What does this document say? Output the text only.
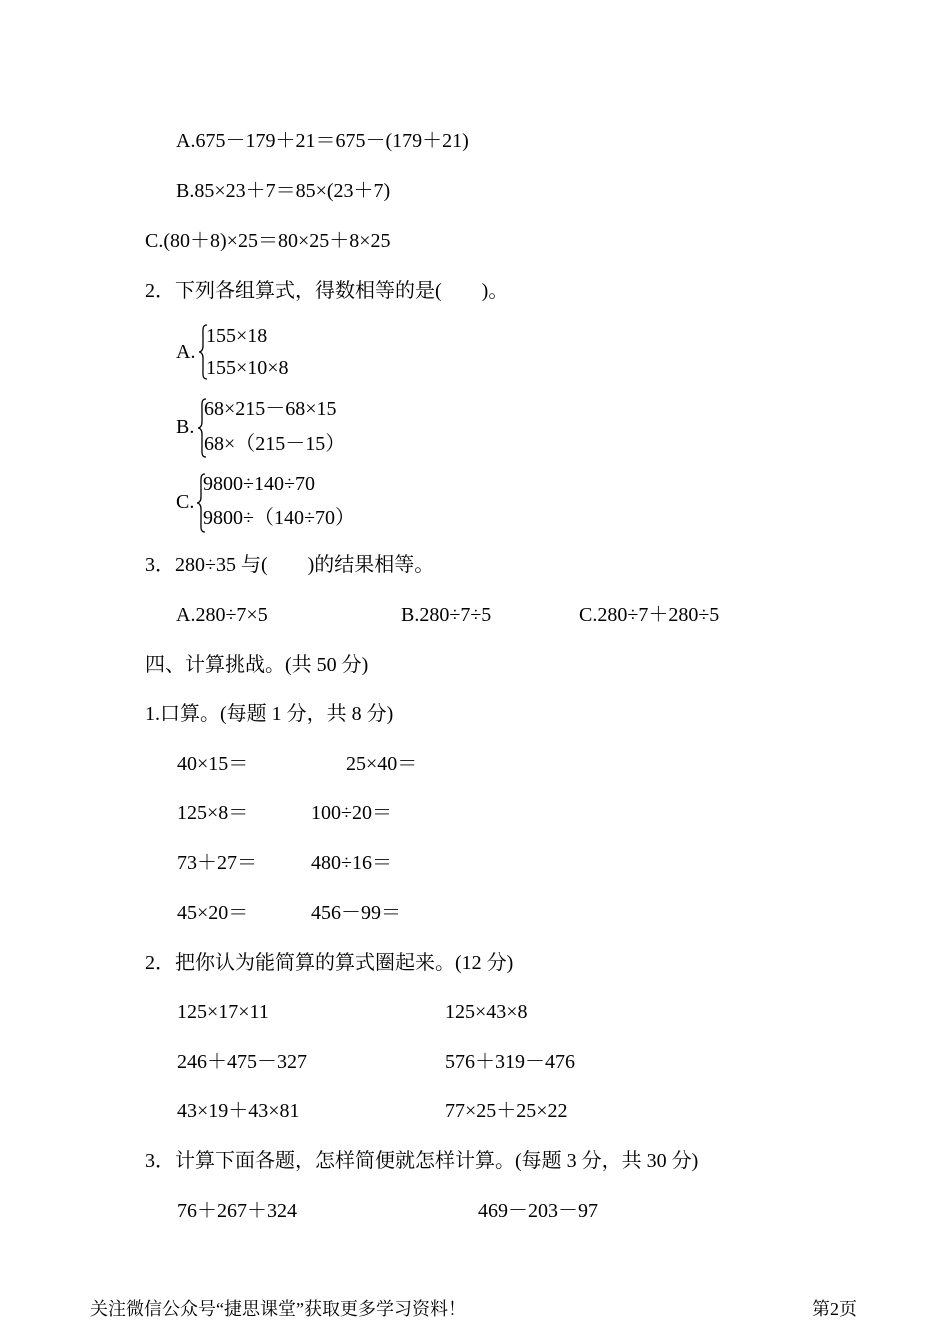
A.675－179＋21＝675－(179＋21)
B.85×23＋7＝85×(23＋7)
C.(80＋8)×25＝80×25＋8×25
2．下列各组算式，得数相等的是(　　)。
A.
155×18
155×10×8
B.
68×215－68×15
68×（215－15）
C.
9800÷140÷70
9800÷（140÷70）
3．280÷35 与(　　)的结果相等。
A.280÷7×5	B.280÷7÷5	C.280÷7＋280÷5
四、计算挑战。(共 50 分)
1.口算。(每题 1 分，共 8 分)
40×15＝	25×40＝
125×8＝	100÷20＝
73＋27＝	480÷16＝
45×20＝	456－99＝
2．把你认为能简算的算式圈起来。(12 分)
125×17×11	125×43×8
246＋475－327	576＋319－476
43×19＋43×81	77×25＋25×22
3．计算下面各题，怎样简便就怎样计算。(每题 3 分，共 30 分)
76＋267＋324	469－203－97
关注微信公众号“捷思课堂”获取更多学习资料！	第2页
